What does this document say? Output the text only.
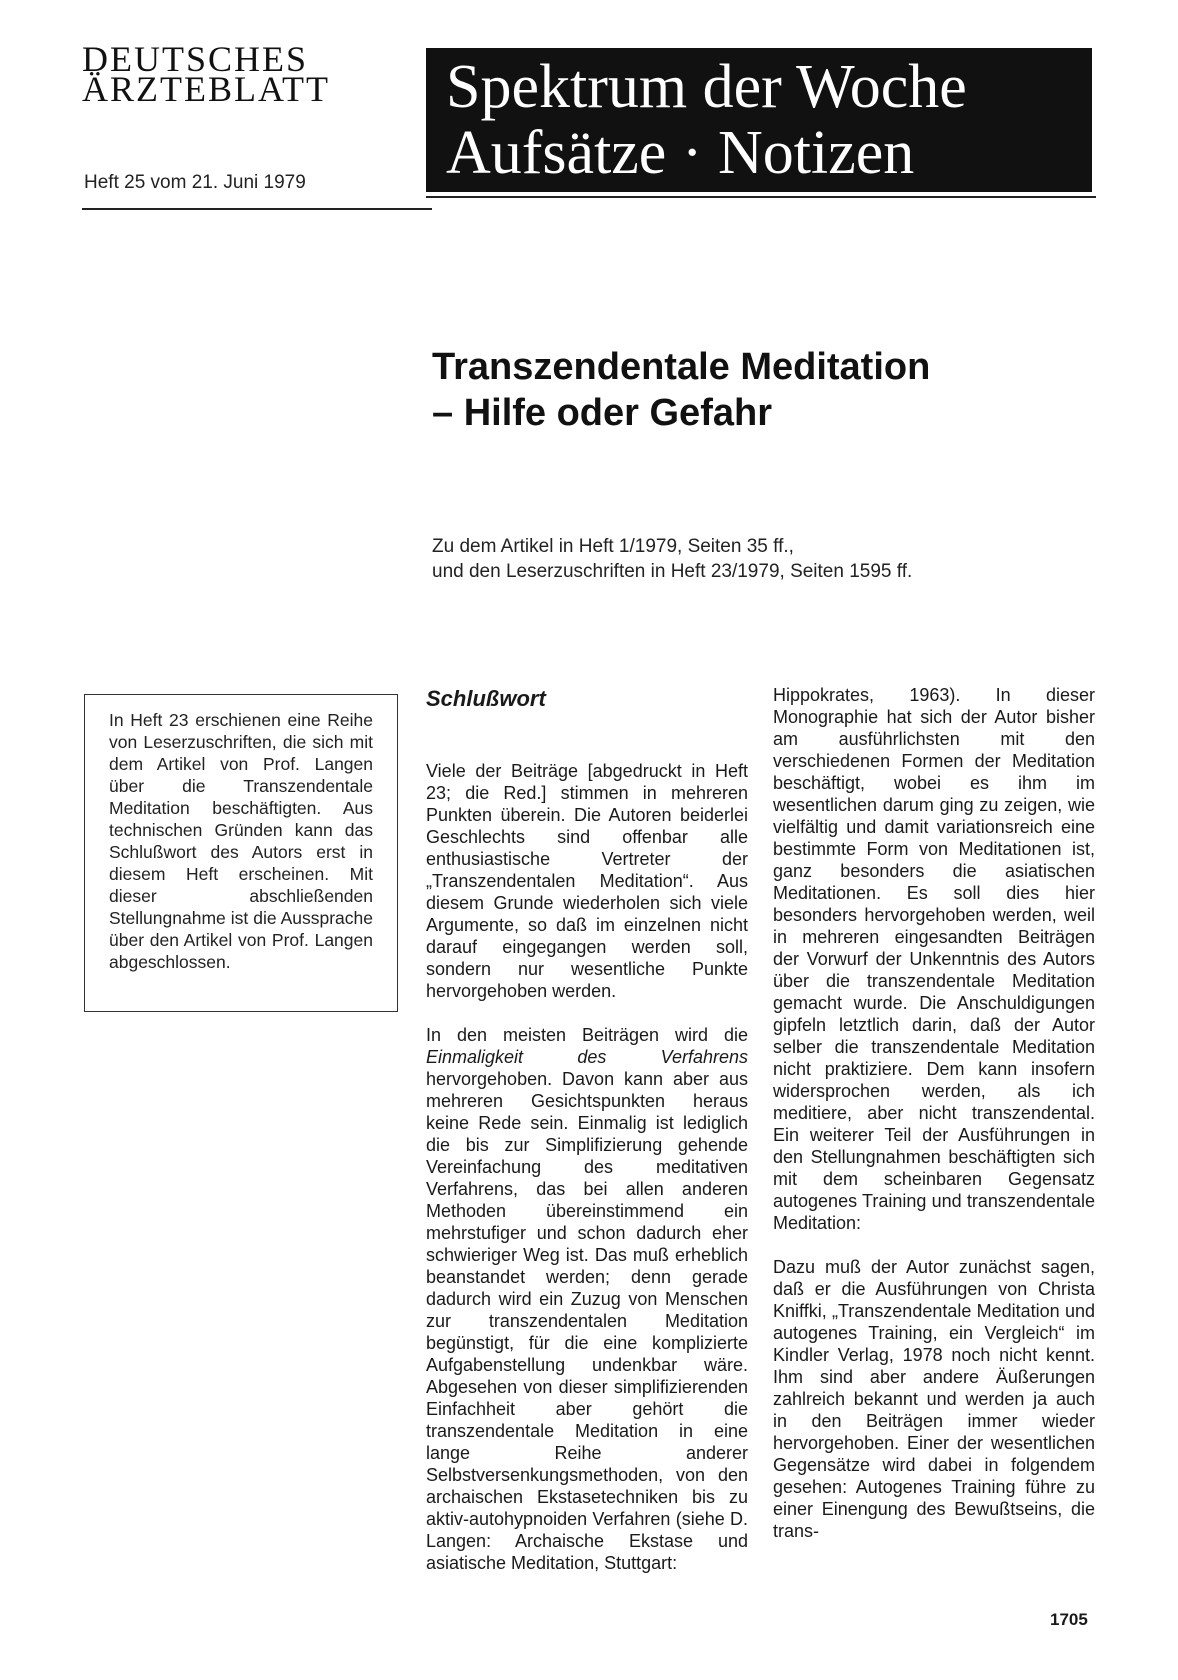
DEUTSCHES
ÄRZTEBLATT
Heft 25 vom 21. Juni 1979
Spektrum der Woche
Aufsätze · Notizen
Transzendentale Meditation
– Hilfe oder Gefahr
Zu dem Artikel in Heft 1/1979, Seiten 35 ff.,
und den Leserzuschriften in Heft 23/1979, Seiten 1595 ff.

In Heft 23 erschienen eine Reihe von Leserzuschriften, die sich mit dem Artikel von Prof. Langen über die Transzendentale Meditation beschäftigten. Aus technischen Gründen kann das Schlußwort des Autors erst in diesem Heft erscheinen. Mit dieser abschließenden Stellungnahme ist die Aussprache über den Artikel von Prof. Langen abgeschlossen.

Schlußwort

Viele der Beiträge [abgedruckt in Heft 23; die Red.] stimmen in mehreren Punkten überein. Die Autoren beiderlei Geschlechts sind offenbar alle enthusiastische Vertreter der „Transzendentalen Meditation“. Aus diesem Grunde wiederholen sich viele Argumente, so daß im einzelnen nicht darauf eingegangen werden soll, sondern nur wesentliche Punkte hervorgehoben werden.

In den meisten Beiträgen wird die Einmaligkeit des Verfahrens hervorgehoben. Davon kann aber aus mehreren Gesichtspunkten heraus keine Rede sein. Einmalig ist lediglich die bis zur Simplifizierung gehende Vereinfachung des meditativen Verfahrens, das bei allen anderen Methoden übereinstimmend ein mehrstufiger und schon dadurch eher schwieriger Weg ist. Das muß erheblich beanstandet werden; denn gerade dadurch wird ein Zuzug von Menschen zur transzendentalen Meditation begünstigt, für die eine komplizierte Aufgabenstellung undenkbar wäre. Abgesehen von dieser simplifizierenden Einfachheit aber gehört die transzendentale Meditation in eine lange Reihe anderer Selbstversenkungsmethoden, von den archaischen Ekstasetechniken bis zu aktiv-autohypnoiden Verfahren (siehe D. Langen: Archaische Ekstase und asiatische Meditation, Stuttgart:

Hippokrates, 1963). In dieser Monographie hat sich der Autor bisher am ausführlichsten mit den verschiedenen Formen der Meditation beschäftigt, wobei es ihm im wesentlichen darum ging zu zeigen, wie vielfältig und damit variationsreich eine bestimmte Form von Meditationen ist, ganz besonders die asiatischen Meditationen. Es soll dies hier besonders hervorgehoben werden, weil in mehreren eingesandten Beiträgen der Vorwurf der Unkenntnis des Autors über die transzendentale Meditation gemacht wurde. Die Anschuldigungen gipfeln letztlich darin, daß der Autor selber die transzendentale Meditation nicht praktiziere. Dem kann insofern widersprochen werden, als ich meditiere, aber nicht transzendental. Ein weiterer Teil der Ausführungen in den Stellungnahmen beschäftigten sich mit dem scheinbaren Gegensatz autogenes Training und transzendentale Meditation:

Dazu muß der Autor zunächst sagen, daß er die Ausführungen von Christa Kniffki, „Transzendentale Meditation und autogenes Training, ein Vergleich“ im Kindler Verlag, 1978 noch nicht kennt. Ihm sind aber andere Äußerungen zahlreich bekannt und werden ja auch in den Beiträgen immer wieder hervorgehoben. Einer der wesentlichen Gegensätze wird dabei in folgendem gesehen: Autogenes Training führe zu einer Einengung des Bewußtseins, die trans-

1705
